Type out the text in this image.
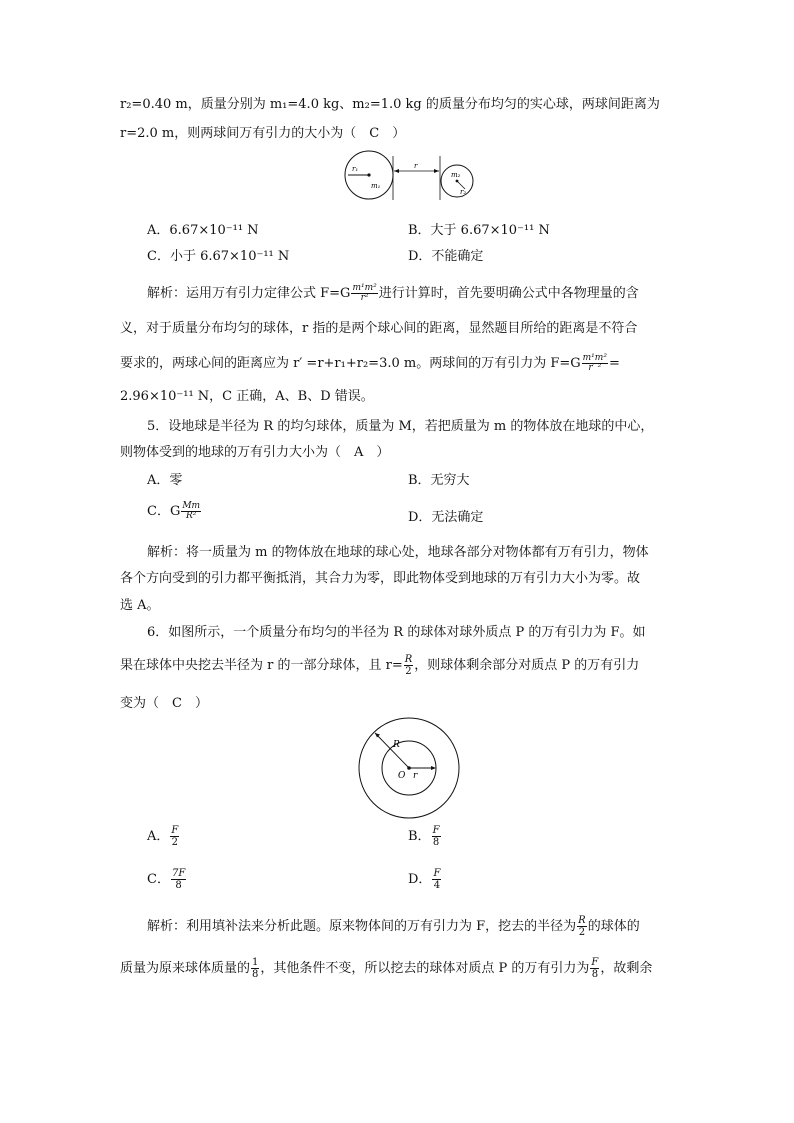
r₂=0.40 m，质量分别为 m₁=4.0 kg、m₂=1.0 kg 的质量分布均匀的实心球，两球间距离为
r=2.0 m，则两球间万有引力的大小为（　C　）
r₁
m₁
r
m₂
r₂
A．6.67×10⁻¹¹ N	B．大于 6.67×10⁻¹¹ N
C．小于 6.67×10⁻¹¹ N	D．不能确定
解析：运用万有引力定律公式 $F=G \frac{\text{m¹m²}}{\text{r²}}$ 进行计算时，首先要明确公式中各物理量的含
义，对于质量分布均匀的球体，r 指的是两个球心间的距离，显然题目所给的距离是不符合
要求的，两球心间的距离应为 r′ =r+r₁+r₂=3.0 m。两球间的万有引力为 $F=G \frac{\text{m¹m²}}{\text{r′ ²}}$ =
2.96×10⁻¹¹ N，C 正确，A、B、D 错误。
5．设地球是半径为 R 的均匀球体，质量为 M，若把质量为 m 的物体放在地球的中心，
则物体受到的地球的万有引力大小为（　A　）
A．零	B．无穷大
C．G $\frac{Mm}{\text{R²}}$	D．无法确定
解析：将一质量为 m 的物体放在地球的球心处，地球各部分对物体都有万有引力，物体
各个方向受到的引力都平衡抵消，其合力为零，即此物体受到地球的万有引力大小为零。故
选 A。
6．如图所示，一个质量分布均匀的半径为 R 的球体对球外质点 P 的万有引力为 F。如
果在球体中央挖去半径为 r 的一部分球体，且 $r= \frac{R}{2}$ ，则球体剩余部分对质点 P 的万有引力
变为（　C　）
R
O r
A． $\frac{F}{2}$	B． $\frac{F}{8}$
C． $\frac{7F}{8}$	D． $\frac{F}{4}$
解析：利用填补法来分析此题。原来物体间的万有引力为 F，挖去的半径为 $\frac{R}{2}$ 的球体的
质量为原来球体质量的 $\frac{1}{8}$ ，其他条件不变，所以挖去的球体对质点 P 的万有引力为 $\frac{F}{8}$ ，故剩余
